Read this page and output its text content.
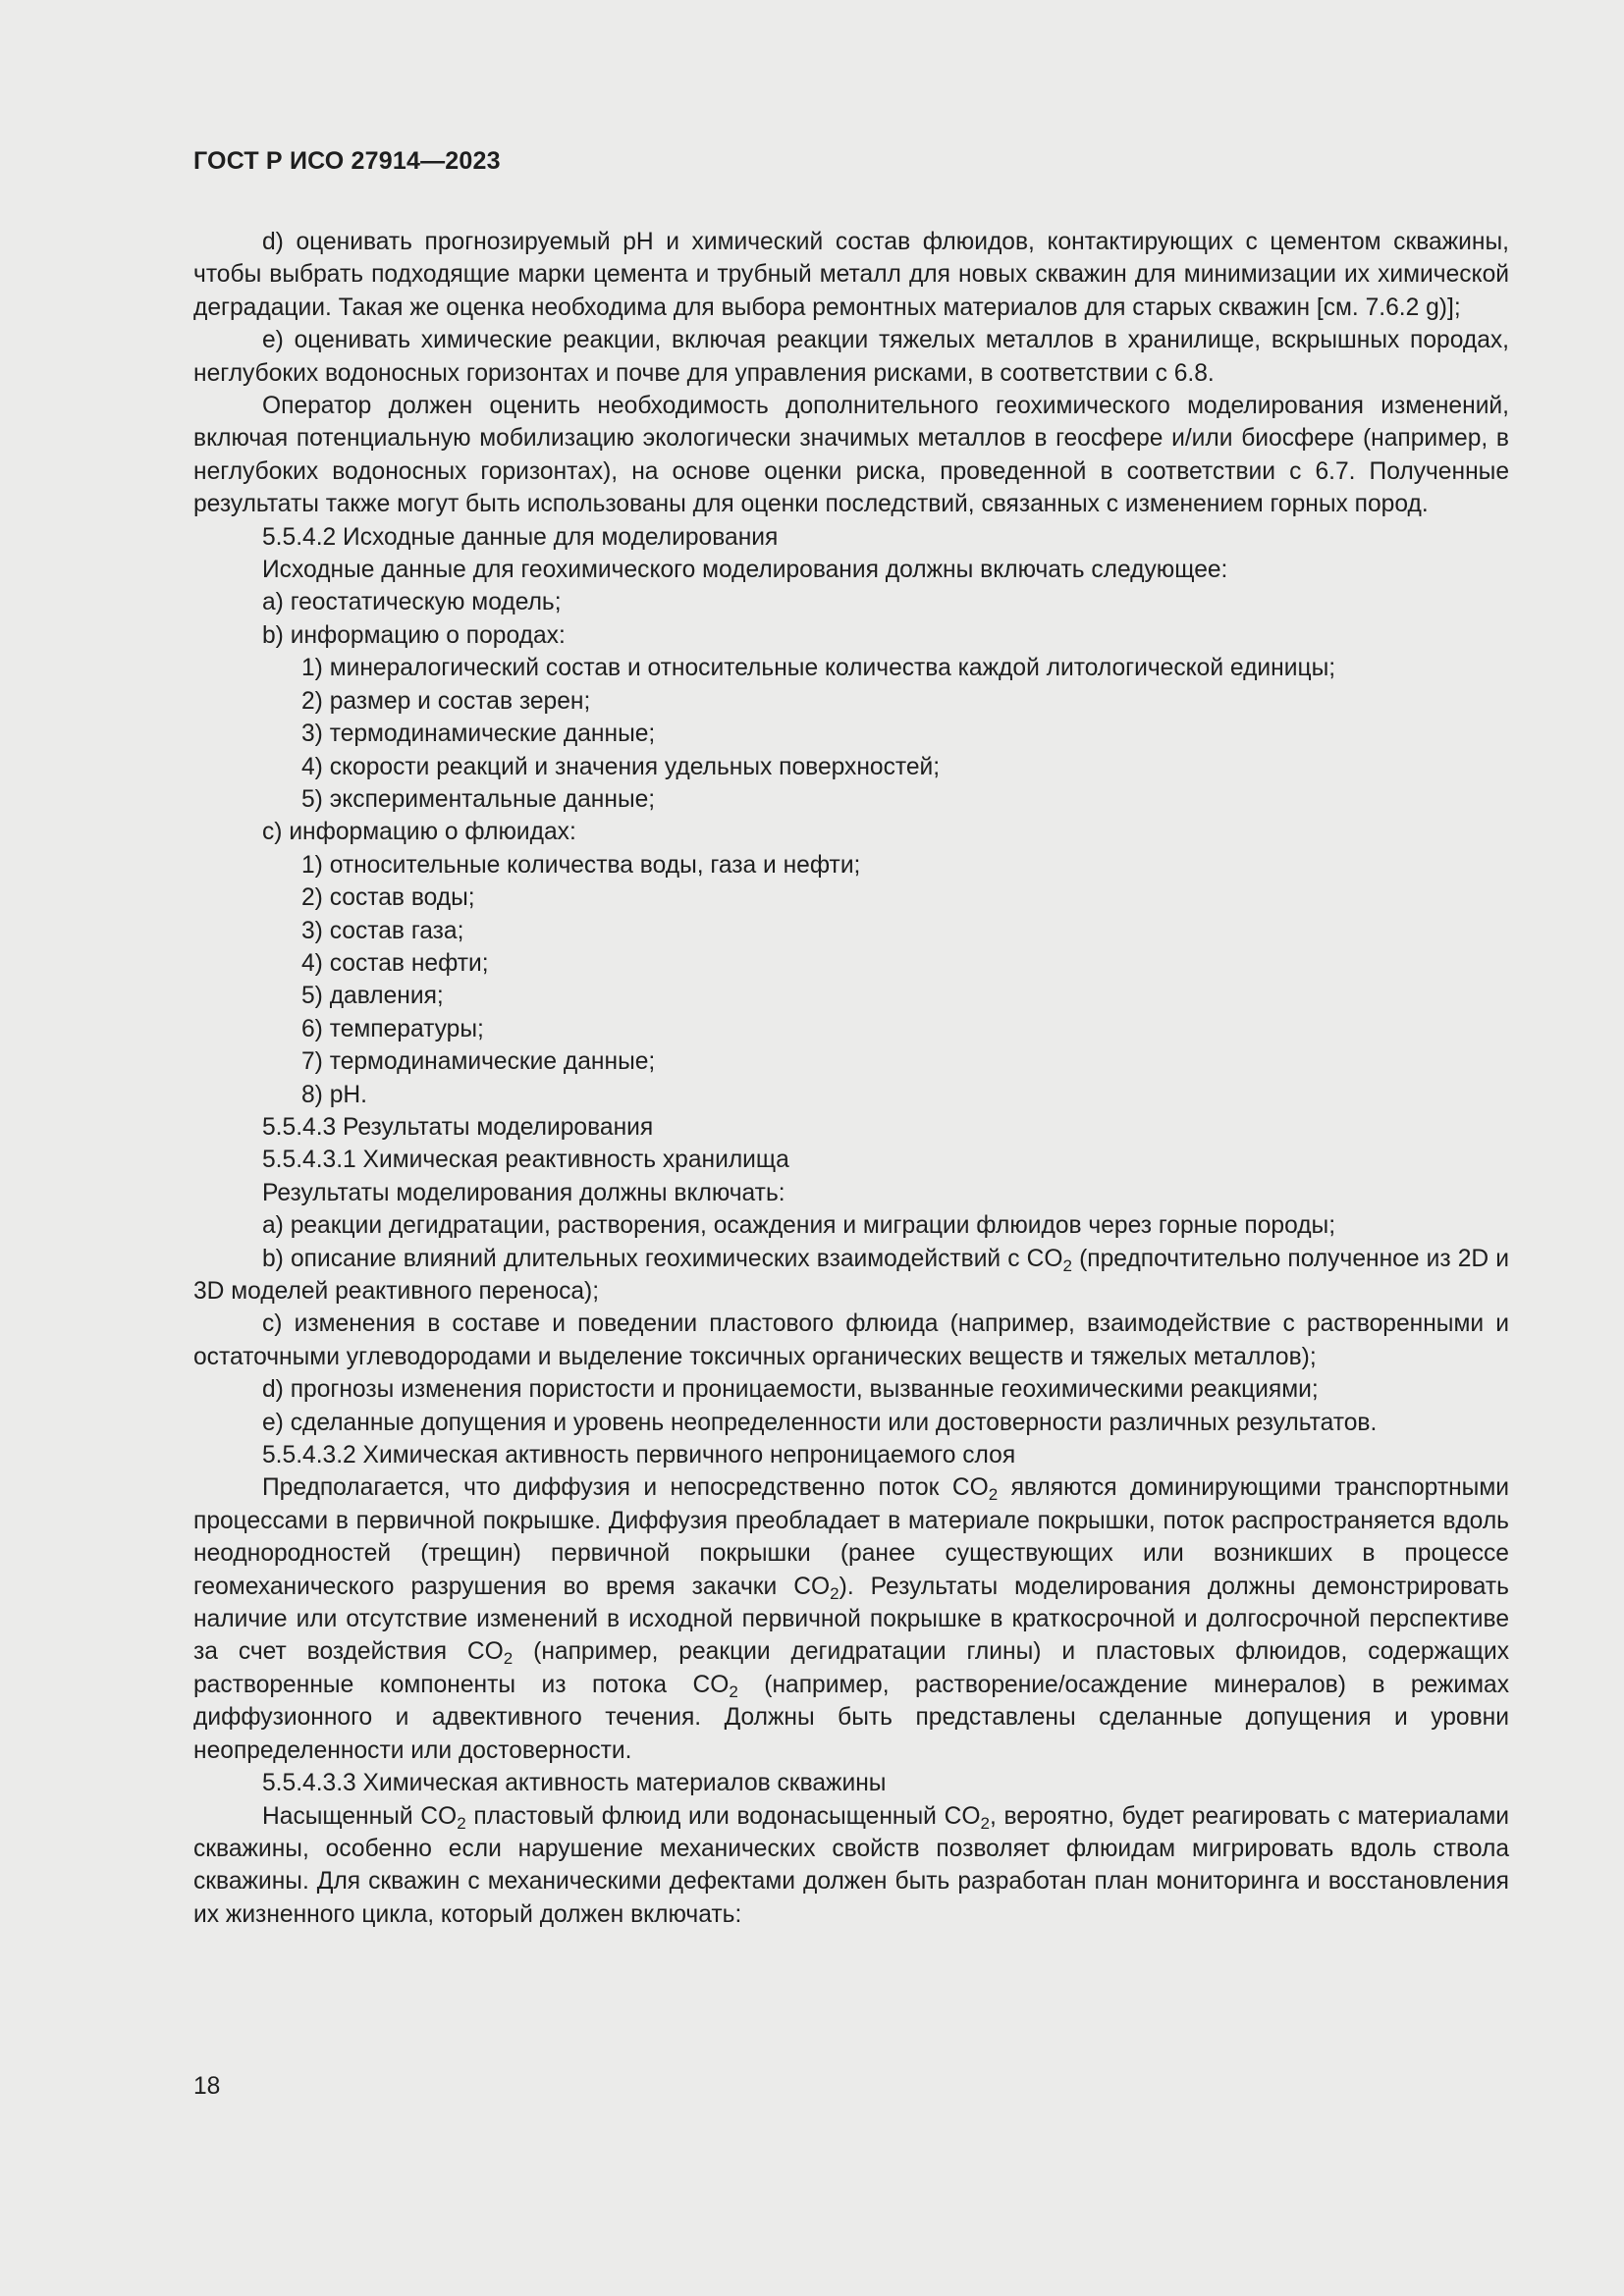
ГОСТ Р ИСО 27914—2023

d) оценивать прогнозируемый pH и химический состав флюидов, контактирующих с цементом скважины, чтобы выбрать подходящие марки цемента и трубный металл для новых скважин для минимизации их химической деградации. Такая же оценка необходима для выбора ремонтных материалов для старых скважин [см. 7.6.2 g)];

e) оценивать химические реакции, включая реакции тяжелых металлов в хранилище, вскрышных породах, неглубоких водоносных горизонтах и почве для управления рисками, в соответствии с 6.8.

Оператор должен оценить необходимость дополнительного геохимического моделирования изменений, включая потенциальную мобилизацию экологически значимых металлов в геосфере и/или биосфере (например, в неглубоких водоносных горизонтах), на основе оценки риска, проведенной в соответствии с 6.7. Полученные результаты также могут быть использованы для оценки последствий, связанных с изменением горных пород.

5.5.4.2 Исходные данные для моделирования

Исходные данные для геохимического моделирования должны включать следующее:

a) геостатическую модель;

b) информацию о породах:

1) минералогический состав и относительные количества каждой литологической единицы;

2) размер и состав зерен;

3) термодинамические данные;

4) скорости реакций и значения удельных поверхностей;

5) экспериментальные данные;

c) информацию о флюидах:

1) относительные количества воды, газа и нефти;

2) состав воды;

3) состав газа;

4) состав нефти;

5) давления;

6) температуры;

7) термодинамические данные;

8) pH.

5.5.4.3 Результаты моделирования

5.5.4.3.1 Химическая реактивность хранилища

Результаты моделирования должны включать:

a) реакции дегидратации, растворения, осаждения и миграции флюидов через горные породы;

b) описание влияний длительных геохимических взаимодействий с $CO_2$ (предпочтительно полученное из 2D и 3D моделей реактивного переноса);

c) изменения в составе и поведении пластового флюида (например, взаимодействие с растворенными и остаточными углеводородами и выделение токсичных органических веществ и тяжелых металлов);

d) прогнозы изменения пористости и проницаемости, вызванные геохимическими реакциями;

e) сделанные допущения и уровень неопределенности или достоверности различных результатов.

5.5.4.3.2 Химическая активность первичного непроницаемого слоя

Предполагается, что диффузия и непосредственно поток $CO_2$ являются доминирующими транспортными процессами в первичной покрышке. Диффузия преобладает в материале покрышки, поток распространяется вдоль неоднородностей (трещин) первичной покрышки (ранее существующих или возникших в процессе геомеханического разрушения во время закачки $CO_2$). Результаты моделирования должны демонстрировать наличие или отсутствие изменений в исходной первичной покрышке в краткосрочной и долгосрочной перспективе за счет воздействия $CO_2$ (например, реакции дегидратации глины) и пластовых флюидов, содержащих растворенные компоненты из потока $CO_2$ (например, растворение/осаждение минералов) в режимах диффузионного и адвективного течения. Должны быть представлены сделанные допущения и уровни неопределенности или достоверности.

5.5.4.3.3 Химическая активность материалов скважины

Насыщенный $CO_2$ пластовый флюид или водонасыщенный $CO_2$, вероятно, будет реагировать с материалами скважины, особенно если нарушение механических свойств позволяет флюидам мигрировать вдоль ствола скважины. Для скважин с механическими дефектами должен быть разработан план мониторинга и восстановления их жизненного цикла, который должен включать:

18
